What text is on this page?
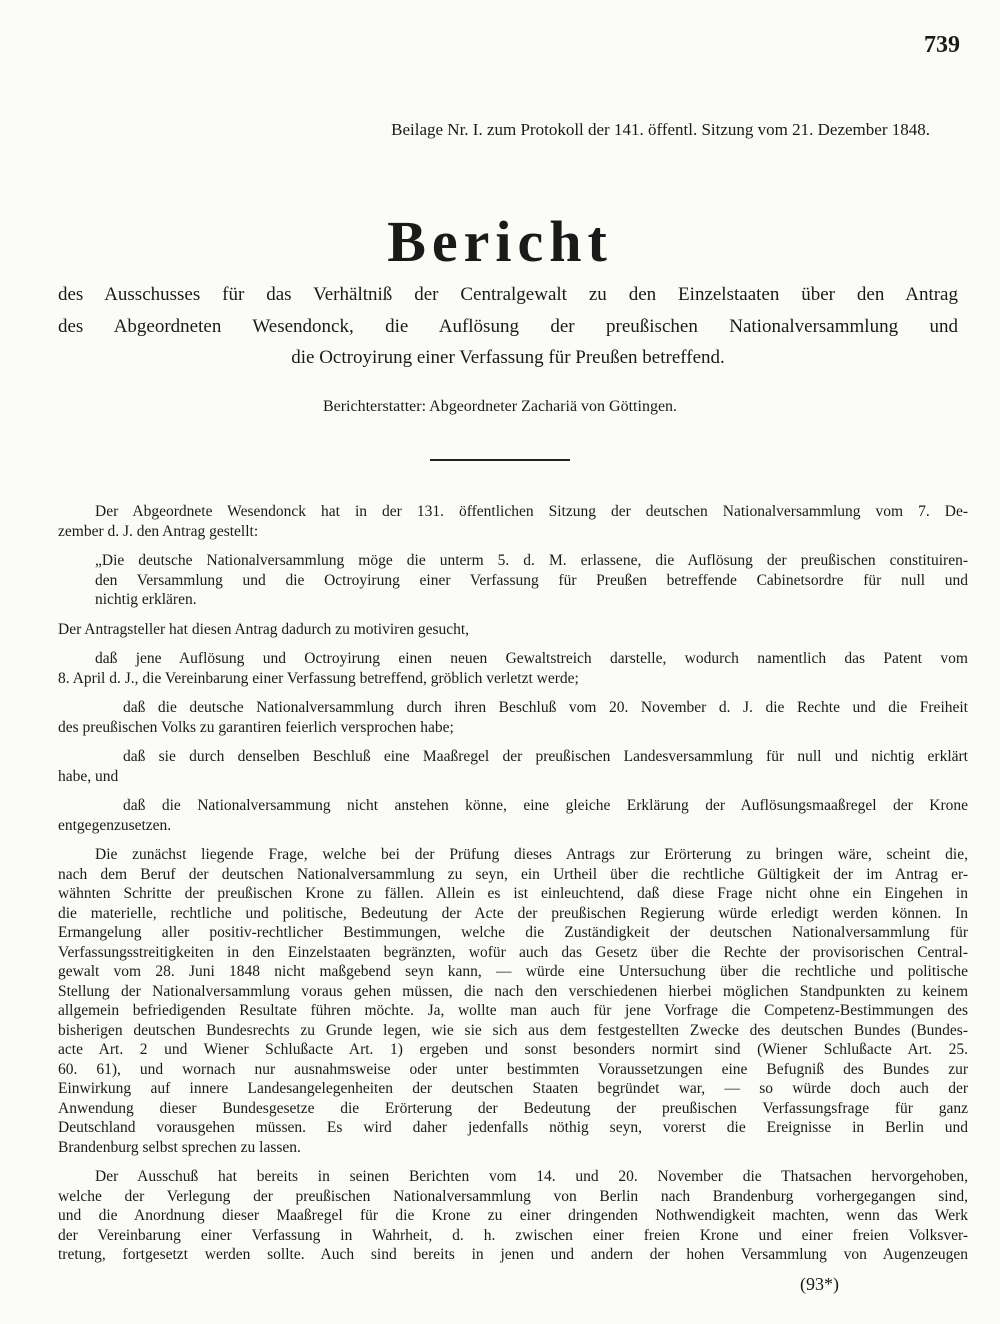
739
Beilage Nr. I. zum Protokoll der 141. öffentl. Sitzung vom 21. Dezember 1848.
Bericht
des Ausschusses für das Verhältniß der Centralgewalt zu den Einzelstaaten über den Antrag
des Abgeordneten Wesendonck, die Auflösung der preußischen Nationalversammlung und
die Octroyirung einer Verfassung für Preußen betreffend.
Berichterstatter: Abgeordneter Zachariä von Göttingen.
Der Abgeordnete Wesendonck hat in der 131. öffentlichen Sitzung der deutschen Nationalversammlung vom 7. De-
zember d. J. den Antrag gestellt:
„Die deutsche Nationalversammlung möge die unterm 5. d. M. erlassene, die Auflösung der preußischen constituiren-
den Versammlung und die Octroyirung einer Verfassung für Preußen betreffende Cabinetsordre für null und
nichtig erklären.
Der Antragsteller hat diesen Antrag dadurch zu motiviren gesucht,
daß jene Auflösung und Octroyirung einen neuen Gewaltstreich darstelle, wodurch namentlich das Patent vom
8. April d. J., die Vereinbarung einer Verfassung betreffend, gröblich verletzt werde;
daß die deutsche Nationalversammlung durch ihren Beschluß vom 20. November d. J. die Rechte und die Freiheit
des preußischen Volks zu garantiren feierlich versprochen habe;
daß sie durch denselben Beschluß eine Maaßregel der preußischen Landesversammlung für null und nichtig erklärt
habe, und
daß die Nationalversammung nicht anstehen könne, eine gleiche Erklärung der Auflösungsmaaßregel der Krone
entgegenzusetzen.
Die zunächst liegende Frage, welche bei der Prüfung dieses Antrags zur Erörterung zu bringen wäre, scheint die,
nach dem Beruf der deutschen Nationalversammlung zu seyn, ein Urtheil über die rechtliche Gültigkeit der im Antrag er-
wähnten Schritte der preußischen Krone zu fällen. Allein es ist einleuchtend, daß diese Frage nicht ohne ein Eingehen in
die materielle, rechtliche und politische, Bedeutung der Acte der preußischen Regierung würde erledigt werden können. In
Ermangelung aller positiv-rechtlicher Bestimmungen, welche die Zuständigkeit der deutschen Nationalversammlung für
Verfassungsstreitigkeiten in den Einzelstaaten begränzten, wofür auch das Gesetz über die Rechte der provisorischen Central-
gewalt vom 28. Juni 1848 nicht maßgebend seyn kann, — würde eine Untersuchung über die rechtliche und politische
Stellung der Nationalversammlung voraus gehen müssen, die nach den verschiedenen hierbei möglichen Standpunkten zu keinem
allgemein befriedigenden Resultate führen möchte. Ja, wollte man auch für jene Vorfrage die Competenz-Bestimmungen des
bisherigen deutschen Bundesrechts zu Grunde legen, wie sie sich aus dem festgestellten Zwecke des deutschen Bundes (Bundes-
acte Art. 2 und Wiener Schlußacte Art. 1) ergeben und sonst besonders normirt sind (Wiener Schlußacte Art. 25.
60. 61), und wornach nur ausnahmsweise oder unter bestimmten Voraussetzungen eine Befugniß des Bundes zur
Einwirkung auf innere Landesangelegenheiten der deutschen Staaten begründet war, — so würde doch auch der
Anwendung dieser Bundesgesetze die Erörterung der Bedeutung der preußischen Verfassungsfrage für ganz
Deutschland vorausgehen müssen. Es wird daher jedenfalls nöthig seyn, vorerst die Ereignisse in Berlin und
Brandenburg selbst sprechen zu lassen.
Der Ausschuß hat bereits in seinen Berichten vom 14. und 20. November die Thatsachen hervorgehoben,
welche der Verlegung der preußischen Nationalversammlung von Berlin nach Brandenburg vorhergegangen sind,
und die Anordnung dieser Maaßregel für die Krone zu einer dringenden Nothwendigkeit machten, wenn das Werk
der Vereinbarung einer Verfassung in Wahrheit, d. h. zwischen einer freien Krone und einer freien Volksver-
tretung, fortgesetzt werden sollte. Auch sind bereits in jenen und andern der hohen Versammlung von Augenzeugen
(93*)
